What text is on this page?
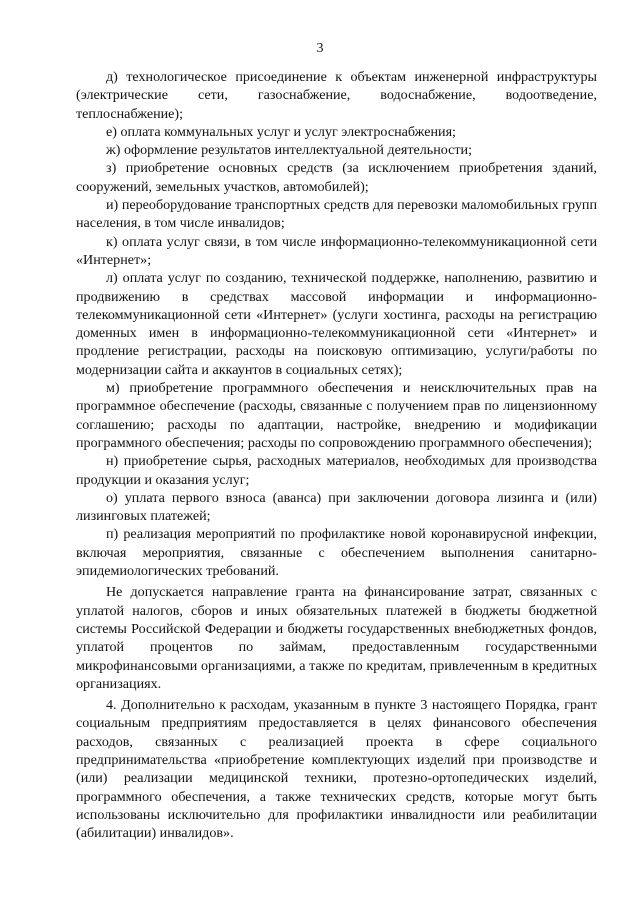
3

д) технологическое присоединение к объектам инженерной инфраструктуры (электрические сети, газоснабжение, водоснабжение, водоотведение, теплоснабжение);

е) оплата коммунальных услуг и услуг электроснабжения;

ж) оформление результатов интеллектуальной деятельности;

з) приобретение основных средств (за исключением приобретения зданий, сооружений, земельных участков, автомобилей);

и) переоборудование транспортных средств для перевозки маломобильных групп населения, в том числе инвалидов;

к) оплата услуг связи, в том числе информационно-телекоммуникационной сети «Интернет»;

л) оплата услуг по созданию, технической поддержке, наполнению, развитию и продвижению в средствах массовой информации и информационно-телекоммуникационной сети «Интернет» (услуги хостинга, расходы на регистрацию доменных имен в информационно-телекоммуникационной сети «Интернет» и продление регистрации, расходы на поисковую оптимизацию, услуги/работы по модернизации сайта и аккаунтов в социальных сетях);

м) приобретение программного обеспечения и неисключительных прав на программное обеспечение (расходы, связанные с получением прав по лицензионному соглашению; расходы по адаптации, настройке, внедрению и модификации программного обеспечения; расходы по сопровождению программного обеспечения);

н) приобретение сырья, расходных материалов, необходимых для производства продукции и оказания услуг;

о) уплата первого взноса (аванса) при заключении договора лизинга и (или) лизинговых платежей;

п) реализация мероприятий по профилактике новой коронавирусной инфекции, включая мероприятия, связанные с обеспечением выполнения санитарно-эпидемиологических требований.

Не допускается направление гранта на финансирование затрат, связанных с уплатой налогов, сборов и иных обязательных платежей в бюджеты бюджетной системы Российской Федерации и бюджеты государственных внебюджетных фондов, уплатой процентов по займам, предоставленным государственными микрофинансовыми организациями, а также по кредитам, привлеченным в кредитных организациях.

4. Дополнительно к расходам, указанным в пункте 3 настоящего Порядка, грант социальным предприятиям предоставляется в целях финансового обеспечения расходов, связанных с реализацией проекта в сфере социального предпринимательства «приобретение комплектующих изделий при производстве и (или) реализации медицинской техники, протезно-ортопедических изделий, программного обеспечения, а также технических средств, которые могут быть использованы исключительно для профилактики инвалидности или реабилитации (абилитации) инвалидов».
